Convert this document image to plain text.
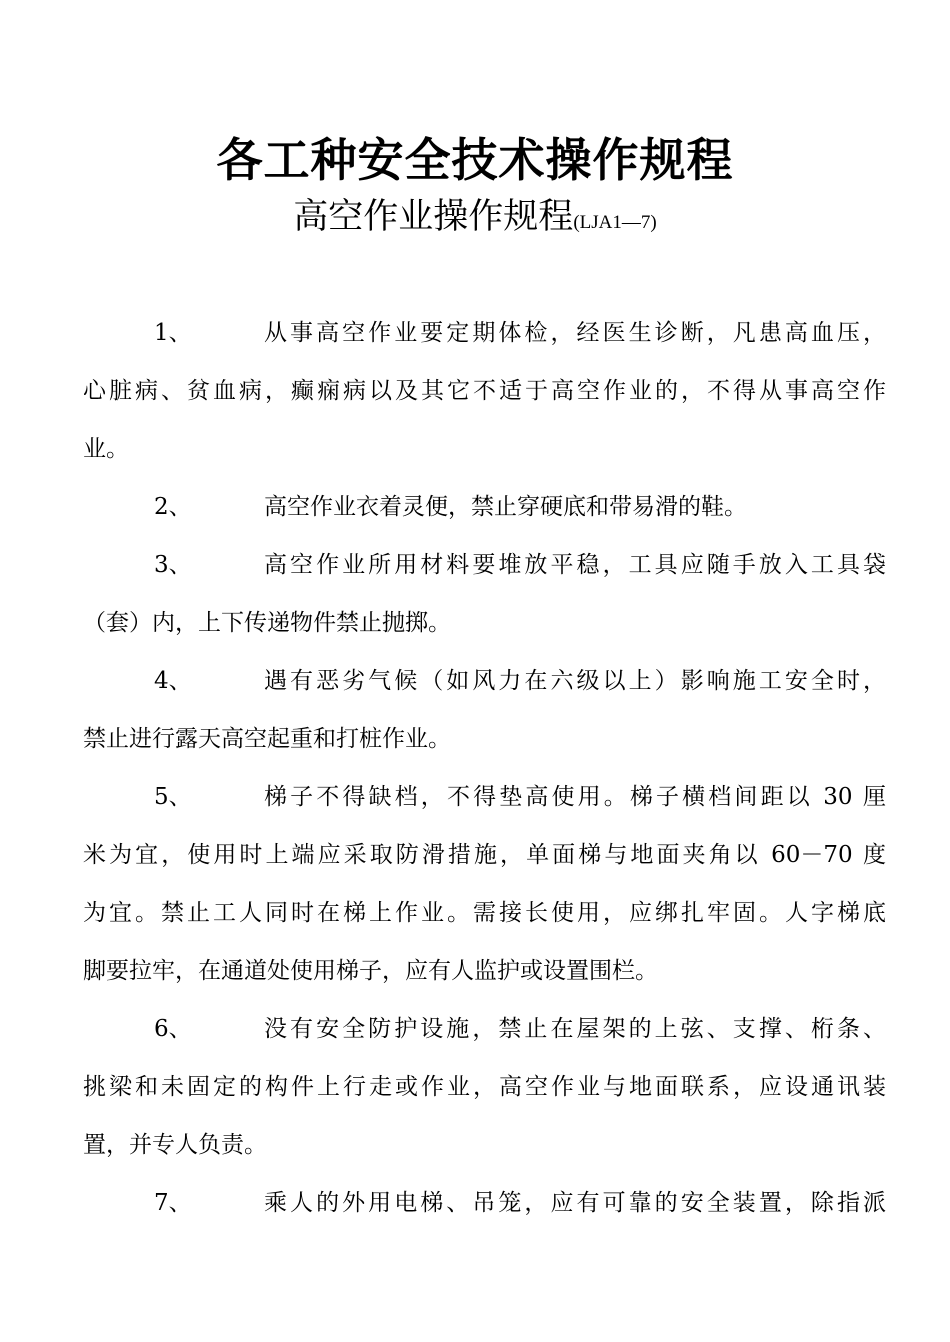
各工种安全技术操作规程
高空作业操作规程(LJA1—7)
1、	从事高空作业要定期体检，经医生诊断，凡患高血压，
心脏病、贫血病，癫痫病以及其它不适于高空作业的，不得从事高空作
业。
2、	高空作业衣着灵便，禁止穿硬底和带易滑的鞋。
3、	高空作业所用材料要堆放平稳，工具应随手放入工具袋
（套）内，上下传递物件禁止抛掷。
4、	遇有恶劣气候（如风力在六级以上）影响施工安全时，
禁止进行露天高空起重和打桩作业。
5、	梯子不得缺档，不得垫高使用。梯子横档间距以 30 厘
米为宜，使用时上端应采取防滑措施，单面梯与地面夹角以 60－70 度
为宜。禁止工人同时在梯上作业。需接长使用，应绑扎牢固。人字梯底
脚要拉牢，在通道处使用梯子，应有人监护或设置围栏。
6、	没有安全防护设施，禁止在屋架的上弦、支撑、桁条、
挑梁和未固定的构件上行走或作业，高空作业与地面联系，应设通讯装
置，并专人负责。
7、	乘人的外用电梯、吊笼，应有可靠的安全装置，除指派
